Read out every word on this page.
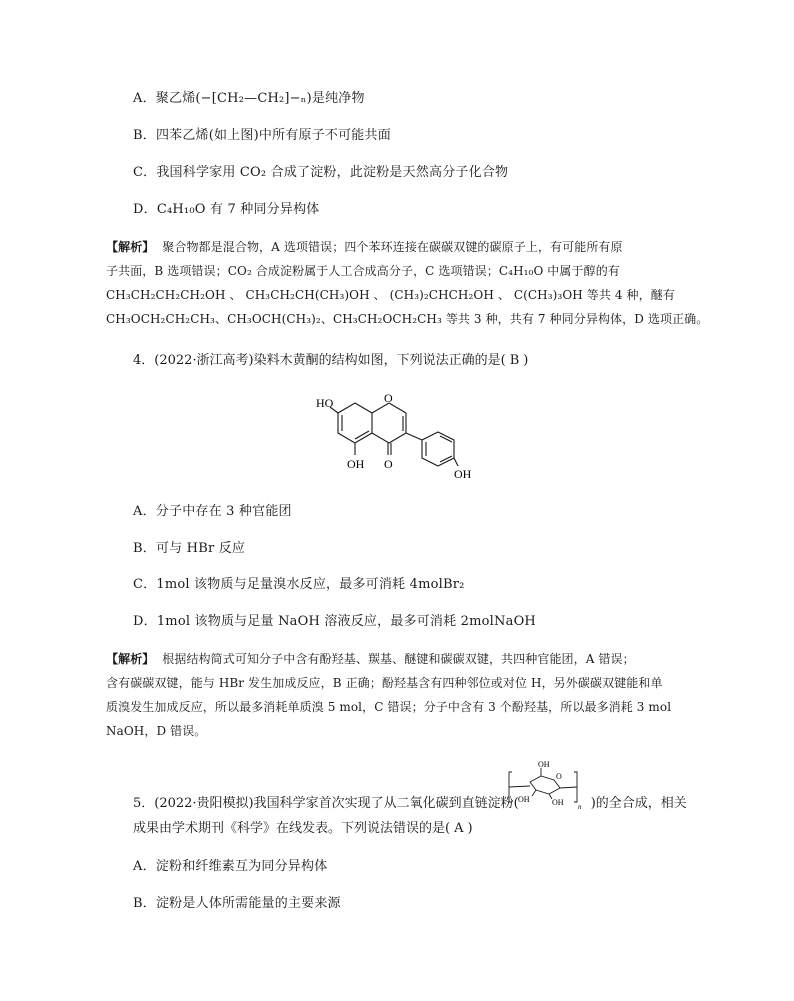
A．聚乙烯(−[CH₂—CH₂]−ₙ)是纯净物
B．四苯乙烯(如上图)中所有原子不可能共面
C．我国科学家用 CO₂ 合成了淀粉，此淀粉是天然高分子化合物
D．C₄H₁₀O 有 7 种同分异构体
【解析】 聚合物都是混合物，A 选项错误；四个苯环连接在碳碳双键的碳原子上，有可能所有原
子共面，B 选项错误；CO₂ 合成淀粉属于人工合成高分子，C 选项错误；C₄H₁₀O 中属于醇的有
CH₃CH₂CH₂CH₂OH 、 CH₃CH₂CH(CH₃)OH 、 (CH₃)₂CHCH₂OH 、 C(CH₃)₃OH 等共 4 种，醚有
CH₃OCH₂CH₂CH₃、CH₃OCH(CH₃)₂、CH₃CH₂OCH₂CH₃ 等共 3 种，共有 7 种同分异构体，D 选项正确。
4．(2022·浙江高考)染料木黄酮的结构如图，下列说法正确的是( B )
HO	O
OH O
OH
A．分子中存在 3 种官能团
B．可与 HBr 反应
C．1mol 该物质与足量溴水反应，最多可消耗 4molBr₂
D．1mol 该物质与足量 NaOH 溶液反应，最多可消耗 2molNaOH
【解析】 根据结构简式可知分子中含有酚羟基、羰基、醚键和碳碳双键，共四种官能团，A 错误；
含有碳碳双键，能与 HBr 发生加成反应，B 正确；酚羟基含有四种邻位或对位 H，另外碳碳双键能和单
质溴发生加成反应，所以最多消耗单质溴 5 mol，C 错误；分子中含有 3 个酚羟基，所以最多消耗 3 mol
NaOH，D 错误。
5．(2022·贵阳模拟)我国科学家首次实现了从二氧化碳到直链淀粉(	)的全合成，相关
OH
O
OH
OH
n
成果由学术期刊《科学》在线发表。下列说法错误的是( A )
A．淀粉和纤维素互为同分异构体
B．淀粉是人体所需能量的主要来源
